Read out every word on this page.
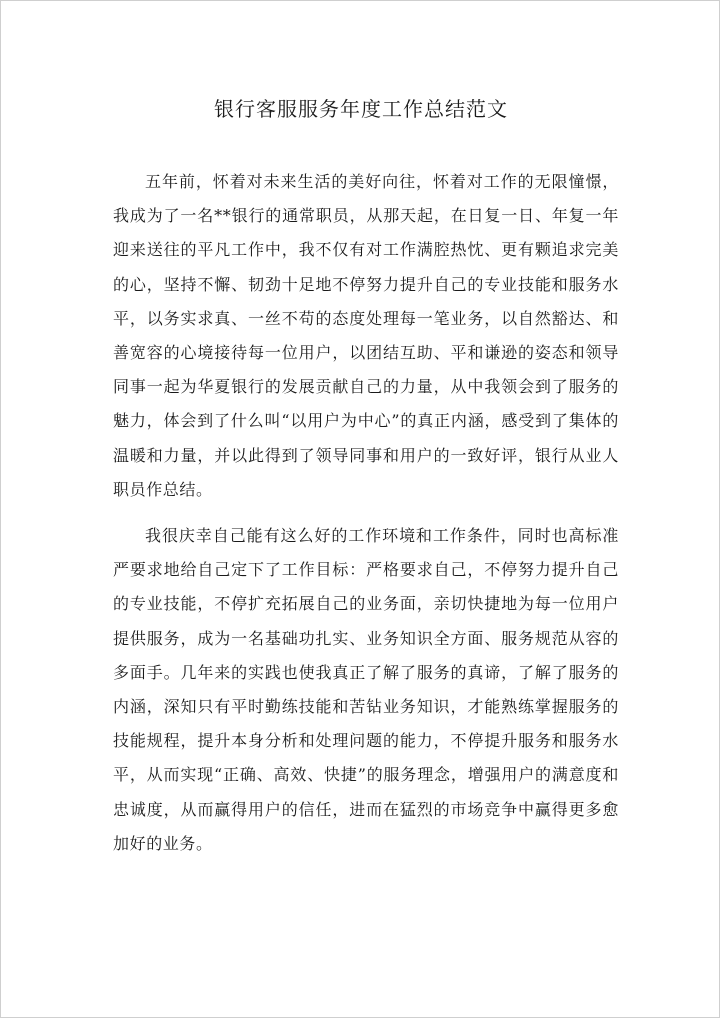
银行客服服务年度工作总结范文

五年前，怀着对未来生活的美好向往，怀着对工作的无限憧憬，我成为了一名**银行的通常职员，从那天起，在日复一日、年复一年迎来送往的平凡工作中，我不仅有对工作满腔热忱、更有颗追求完美的心，坚持不懈、韧劲十足地不停努力提升自己的专业技能和服务水平，以务实求真、一丝不苟的态度处理每一笔业务，以自然豁达、和善宽容的心境接待每一位用户，以团结互助、平和谦逊的姿态和领导同事一起为华夏银行的发展贡献自己的力量，从中我领会到了服务的魅力，体会到了什么叫“以用户为中心”的真正内涵，感受到了集体的温暖和力量，并以此得到了领导同事和用户的一致好评，银行从业人职员作总结。

我很庆幸自己能有这么好的工作环境和工作条件，同时也高标准严要求地给自己定下了工作目标：严格要求自己，不停努力提升自己的专业技能，不停扩充拓展自己的业务面，亲切快捷地为每一位用户提供服务，成为一名基础功扎实、业务知识全方面、服务规范从容的多面手。几年来的实践也使我真正了解了服务的真谛，了解了服务的内涵，深知只有平时勤练技能和苦钻业务知识，才能熟练掌握服务的技能规程，提升本身分析和处理问题的能力，不停提升服务和服务水平，从而实现“正确、高效、快捷”的服务理念，增强用户的满意度和忠诚度，从而赢得用户的信任，进而在猛烈的市场竞争中赢得更多愈加好的业务。
